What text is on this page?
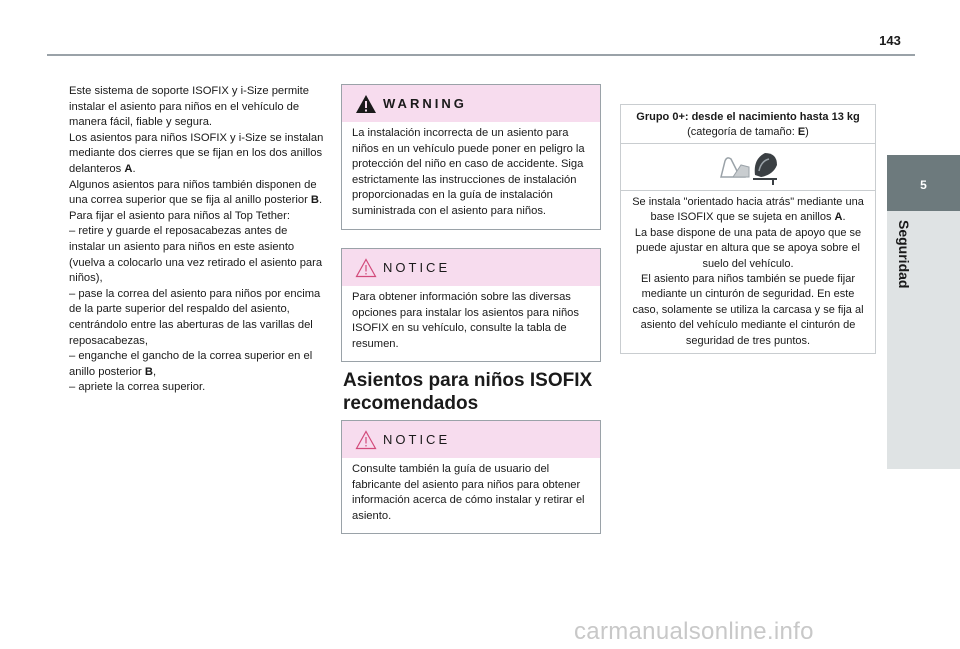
143
5
Seguridad

Este sistema de soporte ISOFIX y i-Size permite instalar el asiento para niños en el vehículo de manera fácil, fiable y segura.

Los asientos para niños ISOFIX y i-Size se instalan mediante dos cierres que se fijan en los dos anillos delanteros A.

Algunos asientos para niños también disponen de una correa superior que se fija al anillo posterior B.

Para fijar el asiento para niños al Top Tether:

– retire y guarde el reposacabezas antes de instalar un asiento para niños en este asiento (vuelva a colocarlo una vez retirado el asiento para niños),

– pase la correa del asiento para niños por encima de la parte superior del respaldo del asiento, centrándolo entre las aberturas de las varillas del reposacabezas,

– enganche el gancho de la correa superior en el anillo posterior B,

– apriete la correa superior.

WARNING
La instalación incorrecta de un asiento para niños en un vehículo puede poner en peligro la protección del niño en caso de accidente. Siga estrictamente las instrucciones de instalación proporcionadas en la guía de instalación suministrada con el asiento para niños.
NOTICE
Para obtener información sobre las diversas opciones para instalar los asientos para niños ISOFIX en su vehículo, consulte la tabla de resumen.
Asientos para niños ISOFIX recomendados
NOTICE
Consulte también la guía de usuario del fabricante del asiento para niños para obtener información acerca de cómo instalar y retirar el asiento.
Grupo 0+: desde el nacimiento hasta 13 kg
(categoría de tamaño: E)
Se instala "orientado hacia atrás" mediante una base ISOFIX que se sujeta en anillos A.
La base dispone de una pata de apoyo que se puede ajustar en altura que se apoya sobre el suelo del vehículo.
El asiento para niños también se puede fijar mediante un cinturón de seguridad. En este caso, solamente se utiliza la carcasa y se fija al asiento del vehículo mediante el cinturón de seguridad de tres puntos.
carmanualsonline.info
